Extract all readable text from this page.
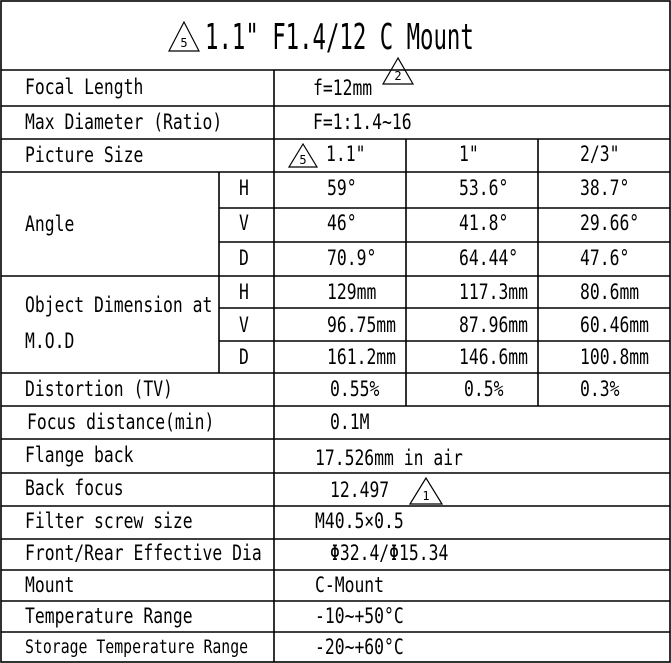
5
2
5
1
1.1" F1.4/12 C Mount
Focal Length	f=12mm
Max Diameter (Ratio)	F=1:1.4~16
Picture Size	1.1"	1"	2/3"
Angle
H	59°	53.6°	38.7°
V	46°	41.8°	29.66°
D	70.9°	64.44°	47.6°
Object Dimension at
M.O.D
H	129mm	117.3mm 80.6mm
V	96.75mm	87.96mm 60.46mm
D	161.2mm	146.6mm 100.8mm
Distortion (TV)	0.55%	0.5%	0.3%
Focus distance(min)	0.1M
Flange back	17.526mm in air
Back focus	12.497
Filter screw size	M40.5×0.5
Front/Rear Effective Dia	Φ32.4/Φ15.34
Mount	C-Mount
Temperature Range	-10~+50°C
Storage Temperature Range	-20~+60°C
